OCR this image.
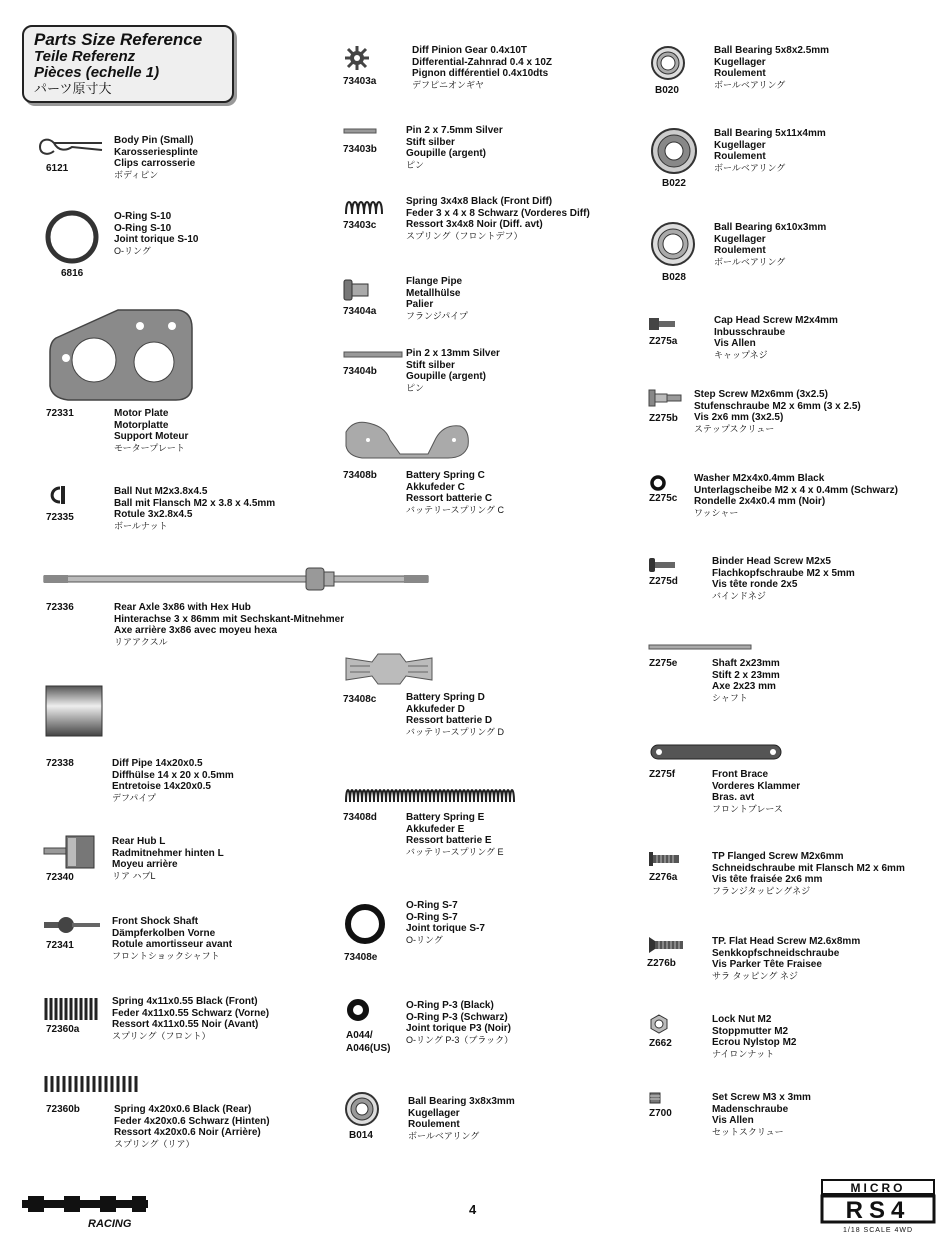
Parts Size Reference
Teile Referenz
Pièces (echelle 1)
パーツ原寸大
6121
Body Pin (Small)
Karosseriesplinte
Clips carrosserie
ボディピン
6816
O-Ring S-10
O-Ring S-10
Joint torique S-10
O-リング
72331	Motor Plate
Motorplatte
Support Moteur
モータープレート
72335
Ball Nut M2x3.8x4.5
Ball mit Flansch M2 x 3.8 x 4.5mm
Rotule 3x2.8x4.5
ボールナット
72336	Rear Axle 3x86 with Hex Hub
Hinterachse 3 x 86mm mit Sechskant-Mitnehmer
Axe arrière 3x86 avec moyeu hexa
リアアクスル
72338	Diff Pipe 14x20x0.5
Diffhülse 14 x 20 x 0.5mm
Entretoise 14x20x0.5
デフパイプ
72340
Rear Hub L
Radmitnehmer hinten L
Moyeu arrière
リア ハブL
72341
Front Shock Shaft
Dämpferkolben Vorne
Rotule amortisseur avant
フロントショックシャフト
72360a
Spring 4x11x0.55 Black (Front)
Feder 4x11x0.55 Schwarz (Vorne)
Ressort 4x11x0.55 Noir (Avant)
スプリング（フロント）
72360b	Spring 4x20x0.6 Black (Rear)
Feder 4x20x0.6 Schwarz (Hinten)
Ressort 4x20x0.6 Noir (Arrière)
スプリング（リア）
73403a
Diff Pinion Gear 0.4x10T
Differential-Zahnrad 0.4 x 10Z
Pignon différentiel 0.4x10dts
デフピニオンギヤ
73403b
Pin 2 x 7.5mm Silver
Stift silber
Goupille (argent)
ピン
73403c
Spring 3x4x8 Black (Front Diff)
Feder 3 x 4 x 8 Schwarz (Vorderes Diff)
Ressort 3x4x8 Noir (Diff. avt)
スプリング（フロントデフ）
73404a
Flange Pipe
Metallhülse
Palier
フランジパイプ
73404b
Pin 2 x 13mm Silver
Stift silber
Goupille (argent)
ピン
73408b	Battery Spring C
Akkufeder C
Ressort batterie C
バッテリースプリング C
73408c	Battery Spring D
Akkufeder D
Ressort batterie D
バッテリースプリング D
73408d	Battery Spring E
Akkufeder E
Ressort batterie E
バッテリースプリング E
73408e
O-Ring S-7
O-Ring S-7
Joint torique S-7
O-リング
A044/
A046(US)
O-Ring P-3 (Black)
O-Ring P-3 (Schwarz)
Joint torique P3 (Noir)
O-リング P-3（ブラック）
B014
Ball Bearing 3x8x3mm
Kugellager
Roulement
ボールベアリング
B020
Ball Bearing 5x8x2.5mm
Kugellager
Roulement
ボールベアリング
B022
Ball Bearing 5x11x4mm
Kugellager
Roulement
ボールベアリング
B028
Ball Bearing 6x10x3mm
Kugellager
Roulement
ボールベアリング
Z275a
Cap Head Screw M2x4mm
Inbusschraube
Vis Allen
キャップネジ
Z275b
Step Screw M2x6mm (3x2.5)
Stufenschraube M2 x 6mm (3 x 2.5)
Vis 2x6 mm (3x2.5)
ステップスクリュー
Z275c
Washer M2x4x0.4mm Black
Unterlagscheibe M2 x 4 x 0.4mm (Schwarz)
Rondelle 2x4x0.4 mm (Noir)
ワッシャー
Z275d
Binder Head Screw M2x5
Flachkopfschraube M2 x 5mm
Vis tête ronde 2x5
バインドネジ
Z275e	Shaft 2x23mm
Stift 2 x 23mm
Axe 2x23 mm
シャフト
Z275f	Front Brace
Vorderes Klammer
Bras. avt
フロントブレース
Z276a
TP Flanged Screw M2x6mm
Schneidschraube mit Flansch M2 x 6mm
Vis tête fraisée 2x6 mm
フランジタッピングネジ
Z276b
TP. Flat Head Screw M2.6x8mm
Senkkopfschneidschraube
Vis Parker Tête Fraisee
サラ タッピング ネジ
Z662
Lock Nut M2
Stoppmutter M2
Ecrou Nylstop M2
ナイロンナット
Z700
Set Screw M3 x 3mm
Madenschraube
Vis Allen
セットスクリュー
RACING
4
MICRO
RS4
1/18 SCALE 4WD
